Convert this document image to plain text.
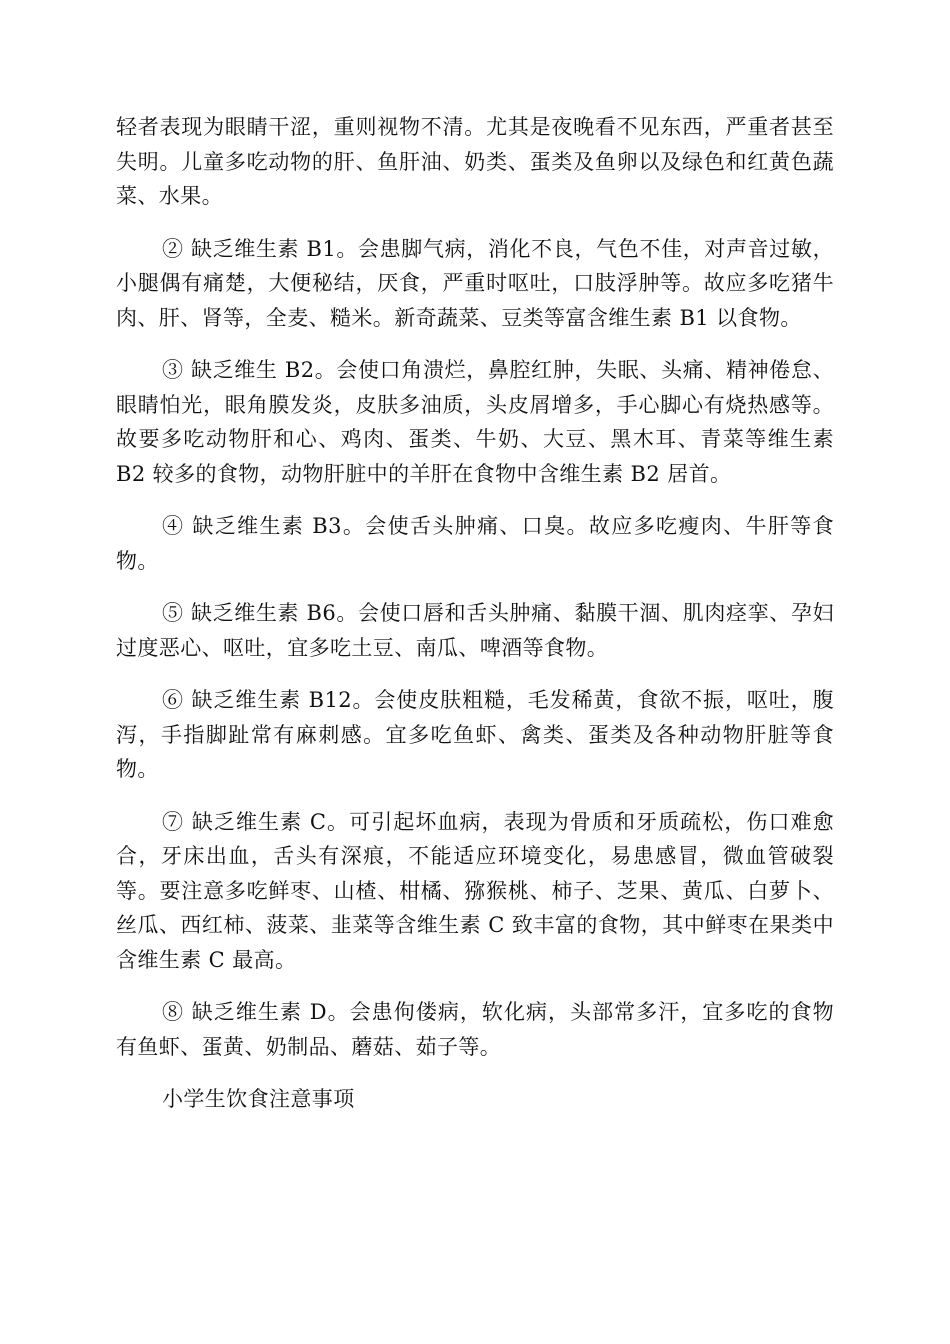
轻者表现为眼睛干涩，重则视物不清。尤其是夜晚看不见东西，严重者甚至失明。儿童多吃动物的肝、鱼肝油、奶类、蛋类及鱼卵以及绿色和红黄色蔬菜、水果。

② 缺乏维生素 B1。会患脚气病，消化不良，气色不佳，对声音过敏，小腿偶有痛楚，大便秘结，厌食，严重时呕吐，口肢浮肿等。故应多吃猪牛肉、肝、肾等，全麦、糙米。新奇蔬菜、豆类等富含维生素 B1 以食物。

③ 缺乏维生 B2。会使口角溃烂，鼻腔红肿，失眠、头痛、精神倦怠、眼睛怕光，眼角膜发炎，皮肤多油质，头皮屑增多，手心脚心有烧热感等。故要多吃动物肝和心、鸡肉、蛋类、牛奶、大豆、黑木耳、青菜等维生素 B2 较多的食物，动物肝脏中的羊肝在食物中含维生素 B2 居首。

④ 缺乏维生素 B3。会使舌头肿痛、口臭。故应多吃瘦肉、牛肝等食物。

⑤ 缺乏维生素 B6。会使口唇和舌头肿痛、黏膜干涸、肌肉痉挛、孕妇过度恶心、呕吐，宜多吃土豆、南瓜、啤酒等食物。

⑥ 缺乏维生素 B12。会使皮肤粗糙，毛发稀黄，食欲不振，呕吐，腹泻，手指脚趾常有麻刺感。宜多吃鱼虾、禽类、蛋类及各种动物肝脏等食物。

⑦ 缺乏维生素 C。可引起坏血病，表现为骨质和牙质疏松，伤口难愈合，牙床出血，舌头有深痕，不能适应环境变化，易患感冒，微血管破裂等。要注意多吃鲜枣、山楂、柑橘、猕猴桃、柿子、芝果、黄瓜、白萝卜、丝瓜、西红柿、菠菜、韭菜等含维生素 C 致丰富的食物，其中鲜枣在果类中含维生素 C 最高。

⑧ 缺乏维生素 D。会患佝偻病，软化病，头部常多汗，宜多吃的食物有鱼虾、蛋黄、奶制品、蘑菇、茹子等。

小学生饮食注意事项
